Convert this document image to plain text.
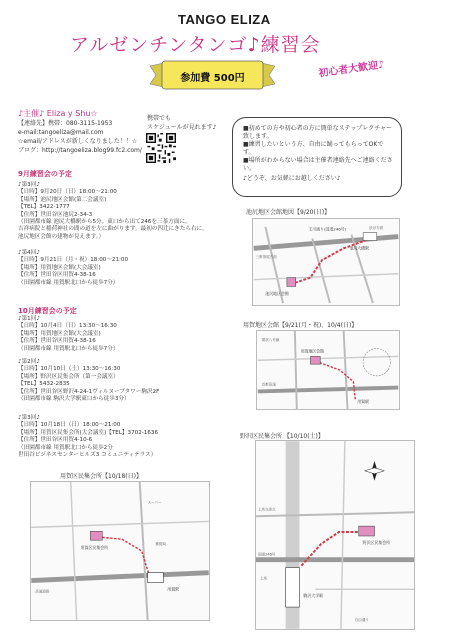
TANGO ELIZA
アルゼンチンタンゴ♪練習会
初心者大歓迎♪
参加費 500円
♪主催♪ Eliza y Shu☆
【連絡先】携帯：080-3115-1953
e-mail:tangoeliza@mail.com
☆email/アドレスが新しくなりました！！☆
ブログ：http://tangoeliza.blog99.fc2.com/
携帯でも
スケジュールが見れます♪	■初めての方や初心者の方に簡単なステップレクチャー致します。
■練習したいという方、自由に踊ってもらってOKです。
■場所がわからない場合は主催者連絡先へご連絡ください。
♪どうぞ、お気軽にお越しください♪
9月練習会の予定
♪第3回♪
【日時】9月20日（日）18:00～21:00
【場所】池尻地区会館(第二会議室)
【TEL】3422-1777
【住所】世田谷区池尻2-34-3
（田園都市線 池尻大橋駅から5分。東口から出て246を三茶方面に。
吉祥病院と稲荷神社の間の道を左に曲がります。最初の四辻にきたら右に。
池尻地区会館の建物が見えます。）
♪第4回♪
【日時】9月21日（月・祝）18:00～21:00
【場所】用賀地区会館(大会議室)
【住所】世田谷区用賀4-38-16
（田園都市線 用賀駅北口から徒歩7分）
10月練習会の予定
♪第1回♪
【日時】10月4日（日）13:30～16:30
【場所】用賀地区会館(大会議室)
【住所】世田谷区用賀4-38-16
（田園都市線 用賀駅北口から徒歩7分）
♪第2回♪
【日時】10月10日（土）13:30～16:30
【場所】野沢区民集会所（第一会議室）
【TEL】5432-2835
【住所】世田谷区野沢4-24-1ヴィルヌーブタワー駒沢2F
（田園都市線 駒沢大学駅東口から徒歩3分）
♪第3回♪
【日時】10月18日（日）18:00～21:00
【場所】用賀区民集会所(大会議室)【TEL】3702-1636
【住所】世田谷区用賀4-10-6
（田園都市線 用賀駅北口から徒歩2分
世田谷ビジネスセンターヒルズ3 コミュニティテラス）
池尻地区会館地図【9/20(日)】
玉川通り(国道246号)
池尻大橋駅
池尻地区会館
三軒茶屋方面
渋谷方面
用賀地区会館【9/21(月・祝)、10/4(日)】
用賀地区会館
用賀駅
環状八号線
首都高速
野沢区民集会所 【10/10(土)】
駒沢大学駅
野沢区民集会所
国道246号
自由通り
上馬交差点
上馬
用賀区民集会所【10/18(日)】
用賀区民集会所
用賀駅
スーパー
高速道路
郵便局
